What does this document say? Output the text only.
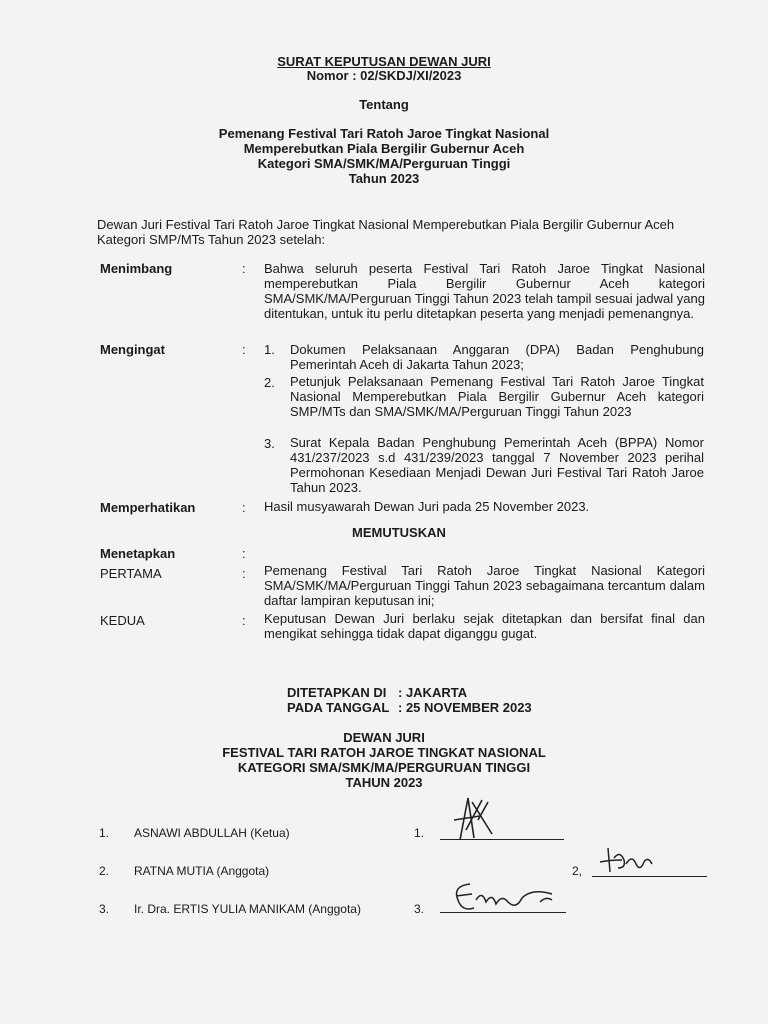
SURAT KEPUTUSAN DEWAN JURI
Nomor : 02/SKDJ/XI/2023
Tentang
Pemenang Festival Tari Ratoh Jaroe Tingkat Nasional
Memperebutkan Piala Bergilir Gubernur Aceh
Kategori SMA/SMK/MA/Perguruan Tinggi
Tahun 2023
Dewan Juri Festival Tari Ratoh Jaroe Tingkat Nasional Memperebutkan Piala Bergilir Gubernur Aceh Kategori SMP/MTs Tahun 2023 setelah:
Menimbang	: Bahwa seluruh peserta Festival Tari Ratoh Jaroe Tingkat Nasional memperebutkan Piala Bergilir Gubernur Aceh kategori SMA/SMK/MA/Perguruan Tinggi Tahun 2023 telah tampil sesuai jadwal yang ditentukan, untuk itu perlu ditetapkan peserta yang menjadi pemenangnya.
Mengingat	: 1. Dokumen Pelaksanaan Anggaran (DPA) Badan Penghubung Pemerintah Aceh di Jakarta Tahun 2023;
2. Petunjuk Pelaksanaan Pemenang Festival Tari Ratoh Jaroe Tingkat Nasional Memperebutkan Piala Bergilir Gubernur Aceh kategori SMP/MTs dan SMA/SMK/MA/Perguruan Tinggi Tahun 2023
3. Surat Kepala Badan Penghubung Pemerintah Aceh (BPPA) Nomor 431/237/2023 s.d 431/239/2023 tanggal 7 November 2023 perihal Permohonan Kesediaan Menjadi Dewan Juri Festival Tari Ratoh Jaroe Tahun 2023.
Memperhatikan	: Hasil musyawarah Dewan Juri pada 25 November 2023.
MEMUTUSKAN
Menetapkan	:
PERTAMA	: Pemenang Festival Tari Ratoh Jaroe Tingkat Nasional Kategori SMA/SMK/MA/Perguruan Tinggi Tahun 2023 sebagaimana tercantum dalam daftar lampiran keputusan ini;
KEDUA	: Keputusan Dewan Juri berlaku sejak ditetapkan dan bersifat final dan mengikat sehingga tidak dapat diganggu gugat.
DITETAPKAN DI : JAKARTA
PADA TANGGAL : 25 NOVEMBER 2023
DEWAN JURI
FESTIVAL TARI RATOH JAROE TINGKAT NASIONAL
KATEGORI SMA/SMK/MA/PERGURUAN TINGGI
TAHUN 2023
1. ASNAWI ABDULLAH (Ketua)	1.
2. RATNA MUTIA (Anggota)	2,
3. Ir. Dra. ERTIS YULIA MANIKAM (Anggota)	3.
